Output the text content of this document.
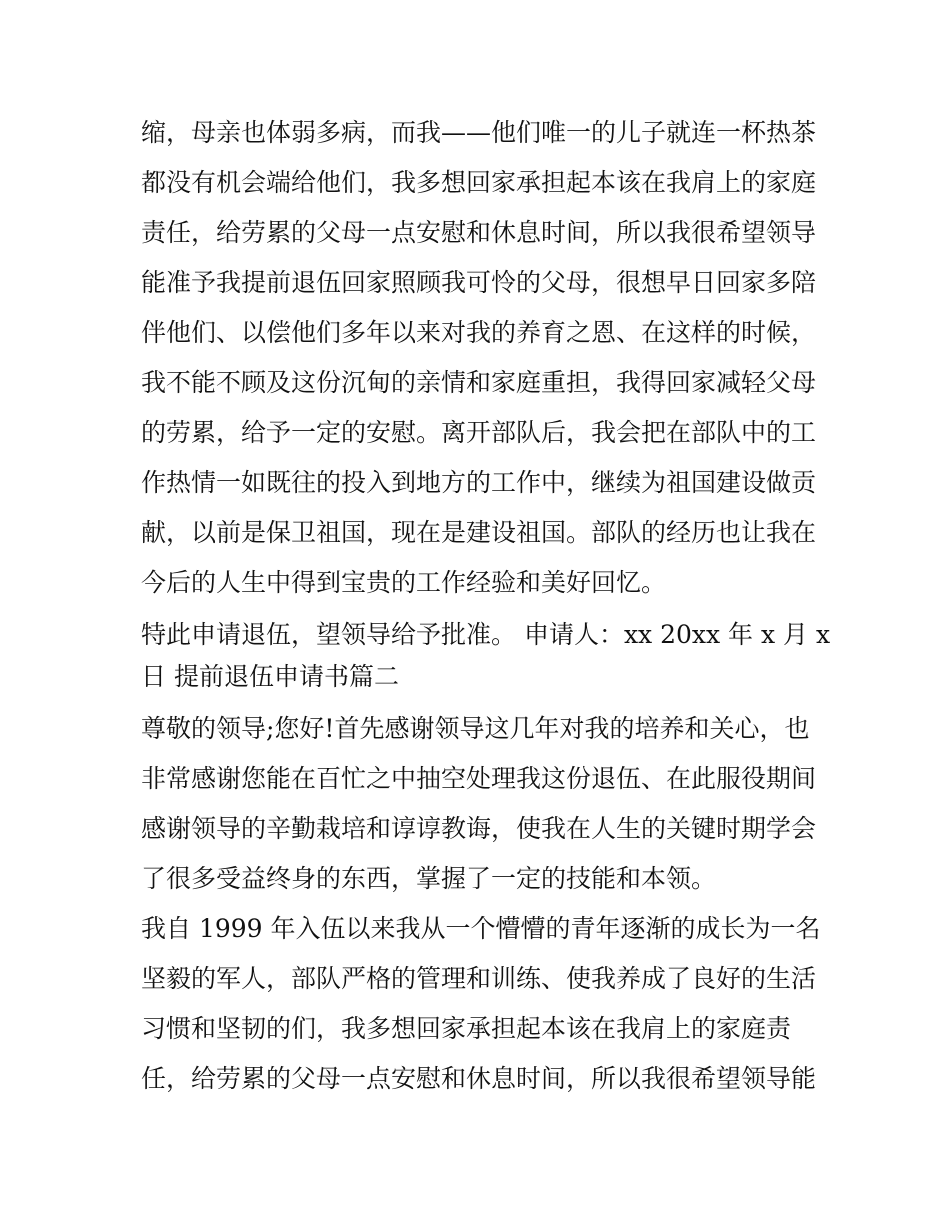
缩，母亲也体弱多病，而我——他们唯一的儿子就连一杯热茶
都没有机会端给他们，我多想回家承担起本该在我肩上的家庭
责任，给劳累的父母一点安慰和休息时间，所以我很希望领导
能准予我提前退伍回家照顾我可怜的父母，很想早日回家多陪
伴他们、以偿他们多年以来对我的养育之恩、在这样的时候，
我不能不顾及这份沉甸的亲情和家庭重担，我得回家减轻父母
的劳累，给予一定的安慰。离开部队后，我会把在部队中的工
作热情一如既往的投入到地方的工作中，继续为祖国建设做贡
献，以前是保卫祖国，现在是建设祖国。部队的经历也让我在
今后的人生中得到宝贵的工作经验和美好回忆。
特此申请退伍，望领导给予批准。 申请人：xx 20xx 年 x 月 x
日 提前退伍申请书篇二
尊敬的领导;您好!首先感谢领导这几年对我的培养和关心，也
非常感谢您能在百忙之中抽空处理我这份退伍、在此服役期间
感谢领导的辛勤栽培和谆谆教诲，使我在人生的关键时期学会
了很多受益终身的东西，掌握了一定的技能和本领。
我自 1999 年入伍以来我从一个懵懵的青年逐渐的成长为一名
坚毅的军人，部队严格的管理和训练、使我养成了良好的生活
习惯和坚韧的们，我多想回家承担起本该在我肩上的家庭责
任，给劳累的父母一点安慰和休息时间，所以我很希望领导能
